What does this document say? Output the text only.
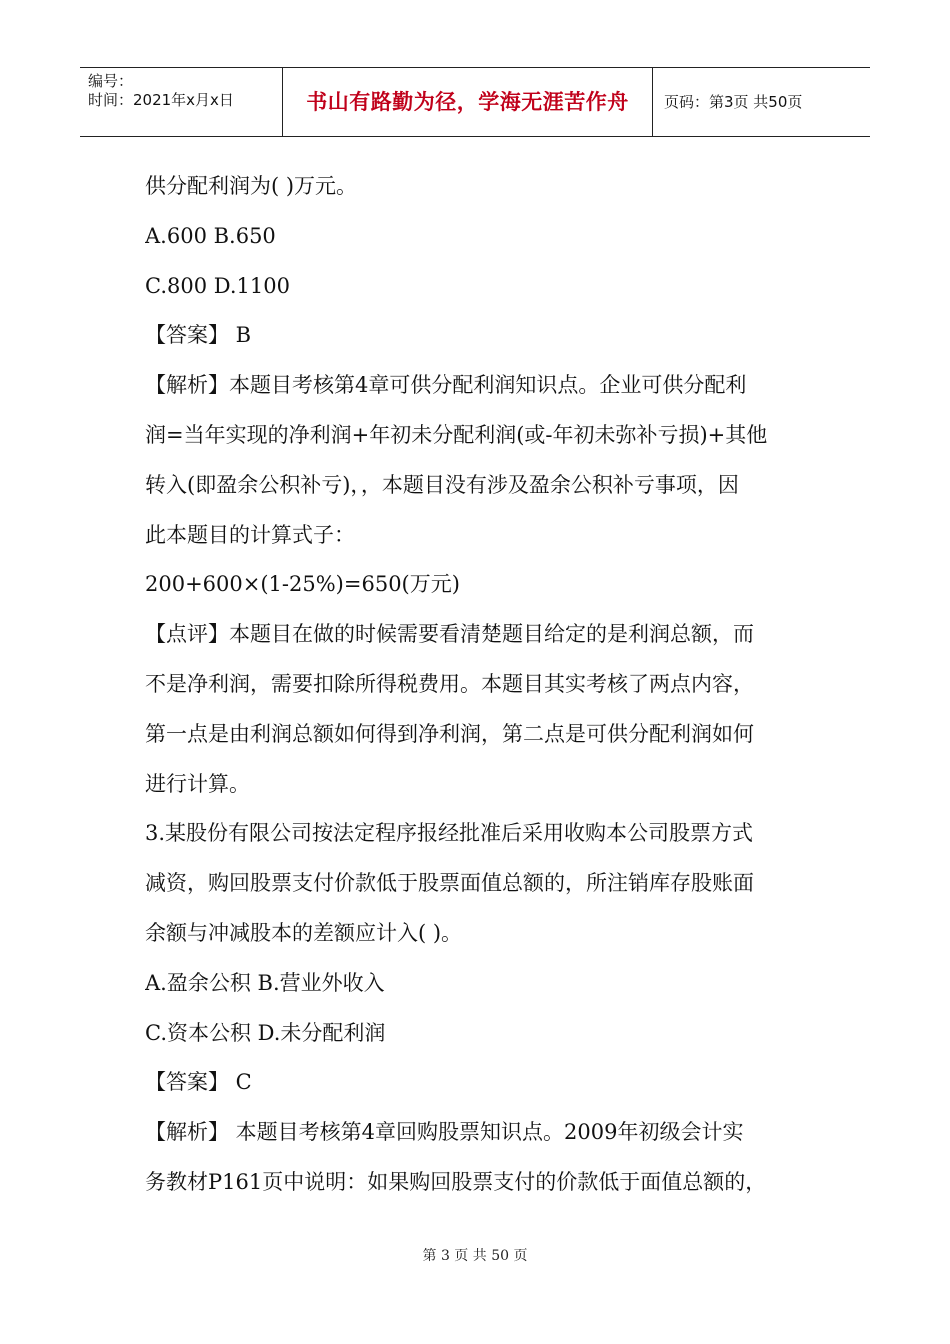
编号：
时间：2021年x月x日	书山有路勤为径，学海无涯苦作舟	页码：第3页 共50页
供分配利润为( )万元。
A.600 B.650
C.800 D.1100
【答案】 B
【解析】本题目考核第4章可供分配利润知识点。企业可供分配利
润=当年实现的净利润+年初未分配利润(或-年初未弥补亏损)+其他
转入(即盈余公积补亏)，，本题目没有涉及盈余公积补亏事项，因
此本题目的计算式子：
200+600×(1-25%)=650(万元)
【点评】本题目在做的时候需要看清楚题目给定的是利润总额，而
不是净利润，需要扣除所得税费用。本题目其实考核了两点内容，
第一点是由利润总额如何得到净利润，第二点是可供分配利润如何
进行计算。
3.某股份有限公司按法定程序报经批准后采用收购本公司股票方式
减资，购回股票支付价款低于股票面值总额的，所注销库存股账面
余额与冲减股本的差额应计入( )。
A.盈余公积 B.营业外收入
C.资本公积 D.未分配利润
【答案】 C
【解析】 本题目考核第4章回购股票知识点。2009年初级会计实
务教材P161页中说明：如果购回股票支付的价款低于面值总额的，
第 3 页 共 50 页
